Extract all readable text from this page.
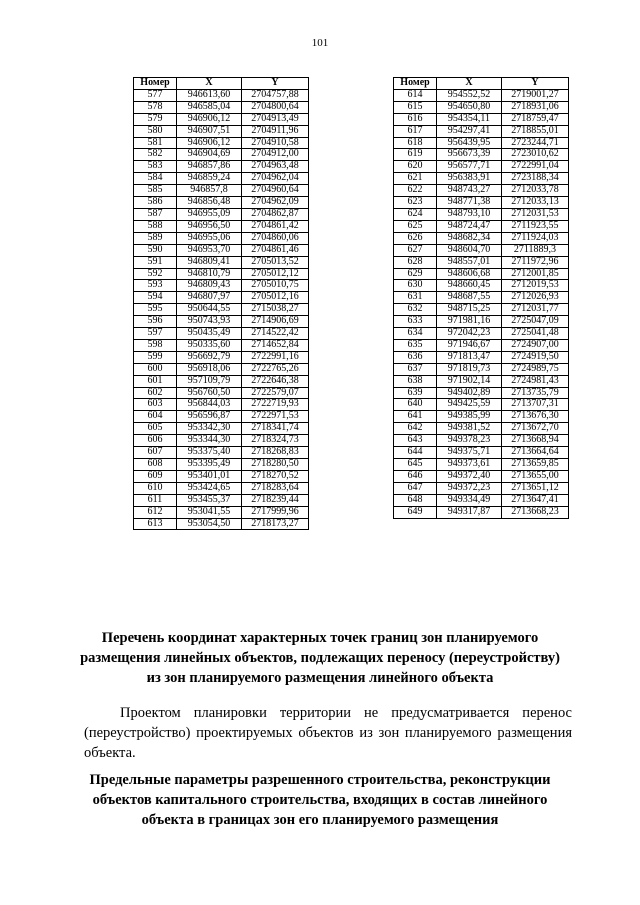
101
Номер	X	Y
577	946613,60	2704757,88
578	946585,04	2704800,64
579	946906,12	2704913,49
580	946907,51	2704911,96
581	946906,12	2704910,58
582	946904,69	2704912,00
583	946857,86	2704963,48
584	946859,24	2704962,04
585	946857,8	2704960,64
586	946856,48	2704962,09
587	946955,09	2704862,87
588	946956,50	2704861,42
589	946955,06	2704860,06
590	946953,70	2704861,46
591	946809,41	2705013,52
592	946810,79	2705012,12
593	946809,43	2705010,75
594	946807,97	2705012,16
595	950644,55	2715038,27
596	950743,93	2714906,69
597	950435,49	2714522,42
598	950335,60	2714652,84
599	956692,79	2722991,16
600	956918,06	2722765,26
601	957109,79	2722646,38
602	956760,50	2722579,07
603	956844,03	2722719,93
604	956596,87	2722971,53
605	953342,30	2718341,74
606	953344,30	2718324,73
607	953375,40	2718268,83
608	953395,49	2718280,50
609	953401,01	2718270,52
610	953424,65	2718283,64
611	953455,37	2718239,44
612	953041,55	2717999,96
613	953054,50	2718173,27
Номер	X	Y
614	954552,52	2719001,27
615	954650,80	2718931,06
616	954354,11	2718759,47
617	954297,41	2718855,01
618	956439,95	2723244,71
619	956673,39	2723010,62
620	956577,71	2722991,04
621	956383,91	2723188,34
622	948743,27	2712033,78
623	948771,38	2712033,13
624	948793,10	2712031,53
625	948724,47	2711923,55
626	948682,34	2711924,03
627	948604,70	2711889,3
628	948557,01	2711972,96
629	948606,68	2712001,85
630	948660,45	2712019,53
631	948687,55	2712026,93
632	948715,25	2712031,77
633	971981,16	2725047,09
634	972042,23	2725041,48
635	971946,67	2724907,00
636	971813,47	2724919,50
637	971819,73	2724989,75
638	971902,14	2724981,43
639	949402,89	2713735,79
640	949425,59	2713707,31
641	949385,99	2713676,30
642	949381,52	2713672,70
643	949378,23	2713668,94
644	949375,71	2713664,64
645	949373,61	2713659,85
646	949372,40	2713655,00
647	949372,23	2713651,12
648	949334,49	2713647,41
649	949317,87	2713668,23
Перечень координат характерных точек границ зон планируемого размещения линейных объектов, подлежащих переносу (переустройству) из зон планируемого размещения линейного объекта
Проектом планировки территории не предусматривается перенос (переустройство) проектируемых объектов из зон планируемого размещения объекта.
Предельные параметры разрешенного строительства, реконструкции объектов капитального строительства, входящих в состав линейного объекта в границах зон его планируемого размещения
